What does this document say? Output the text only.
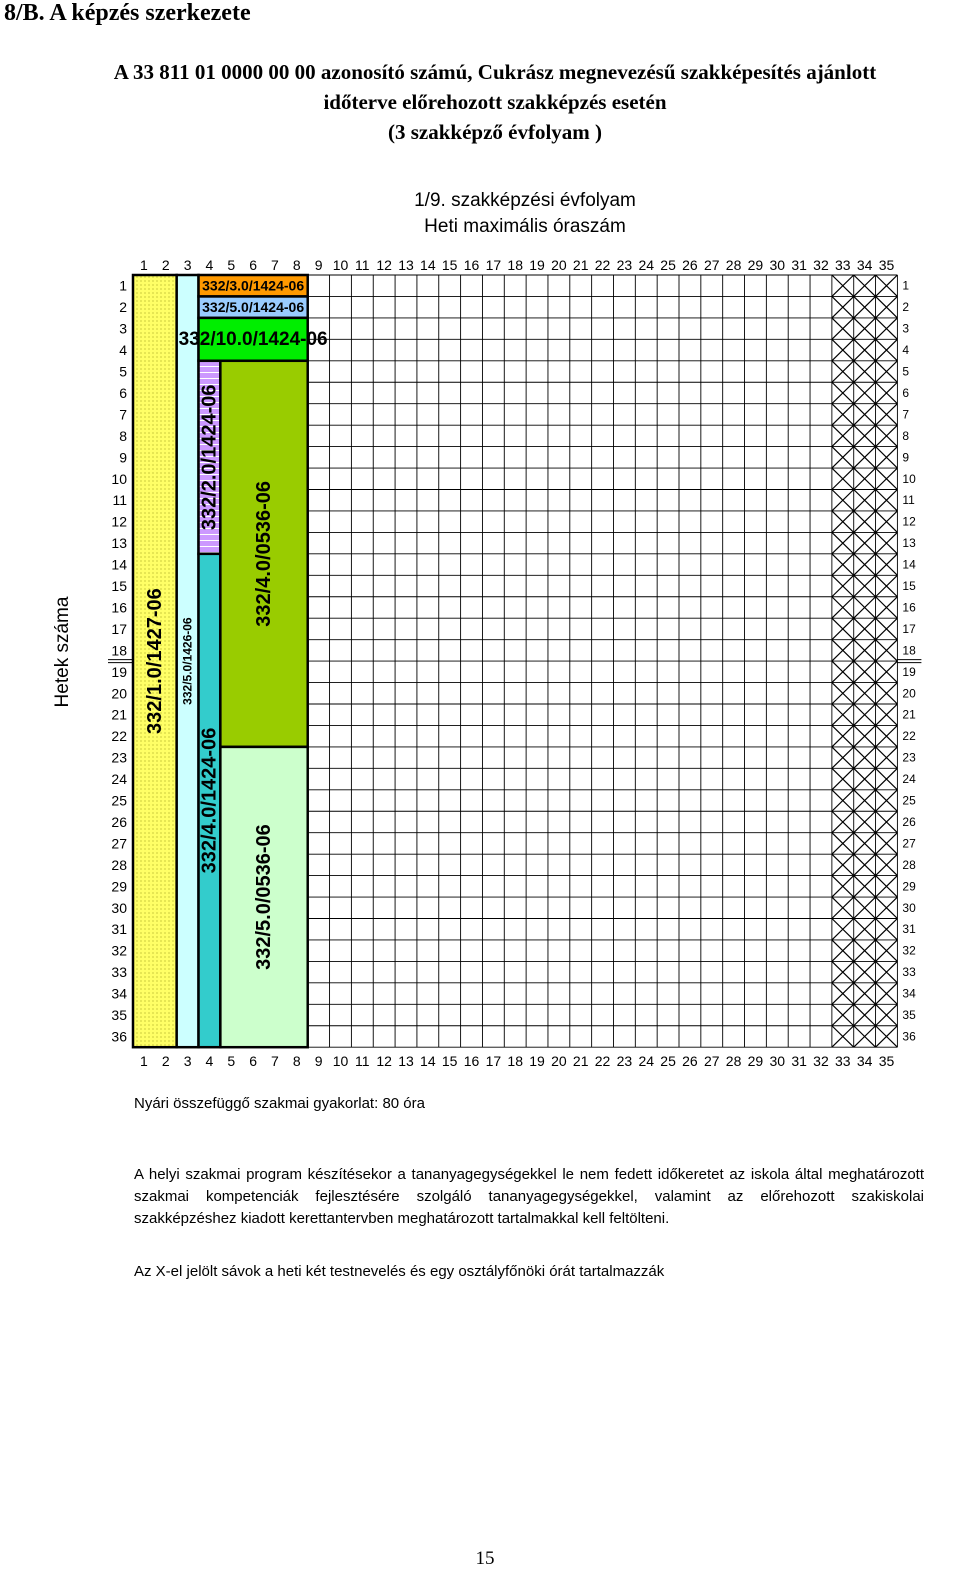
8/B. A képzés szerkezete
A 33 811 01 0000 00 00 azonosító számú, Cukrász megnevezésű szakképesítés ajánlott
időterve előrehozott szakképzés esetén
(3 szakképző évfolyam )
1/9. szakképzési évfolyam
Heti maximális óraszám
Hetek száma	332/1.0/1427-06 332/5.0/1426-06
332/3.0/1424-06
332/5.0/1424-06
332/10.0/1424-06
332/2.0/1424-06
332/4.0/1424-06
332/4.0/0536-06
332/5.0/0536-06
1
1
2
2
3
3
4
4
5
5
6
6
7
7
8
8
9
9
10
10
11
11
12
12
13
13
14
14
15
15
16
16
17
17
18
18
19
19
20
20
21
21
22
22
23
23
24
24
25
25
26
26
27
27
28
28
29
29
30
30
31
31
32
32
33
33
34
34
35
35
1	1
2	2
3	3
4	4
5	5
6	6
7	7
8	8
9	9
10	10
11	11
12	12
13	13
14	14
15	15
16	16
17	17
18	18
19	19
20	20
21	21
22	22
23	23
24	24
25	25
26	26
27	27
28	28
29	29
30	30
31	31
32	32
33	33
34	34
35	35
36	36
Nyári összefüggő szakmai gyakorlat: 80 óra
A helyi szakmai program készítésekor a tananyagegységekkel le nem fedett időkeretet az iskola által meghatározott szakmai kompetenciák fejlesztésére szolgáló tananyagegységekkel, valamint az előrehozott szakiskolai szakképzéshez kiadott kerettantervben meghatározott tartalmakkal kell feltölteni.
Az X-el jelölt sávok a heti két testnevelés és egy osztályfőnöki órát tartalmazzák
15
